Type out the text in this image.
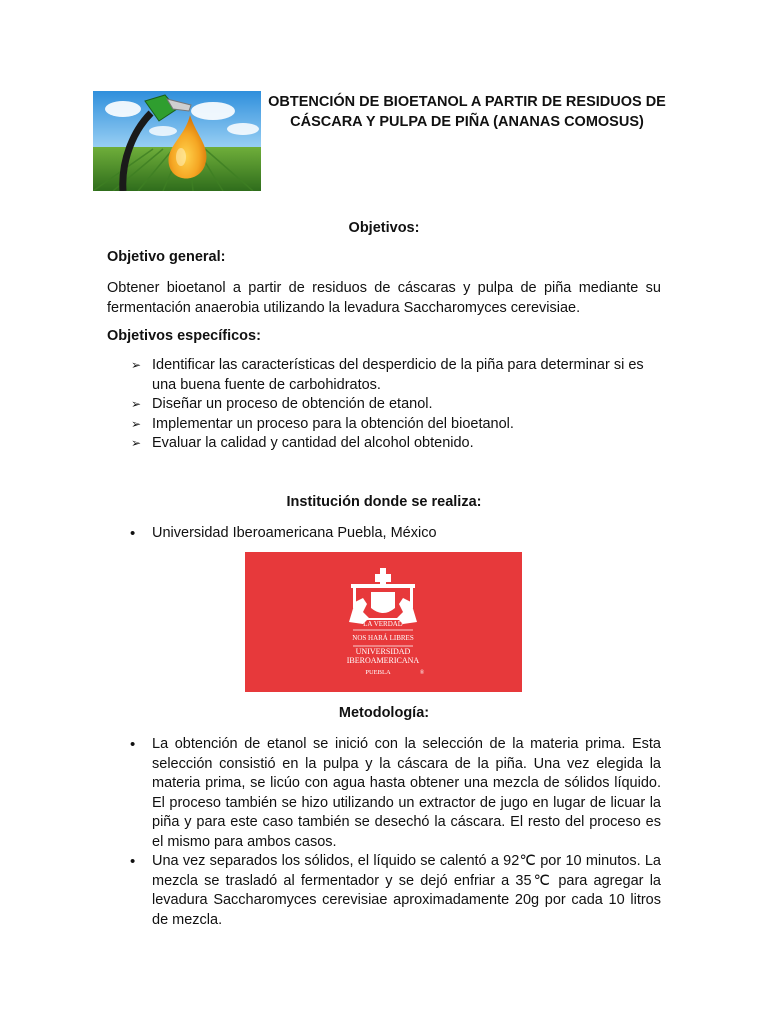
OBTENCIÓN DE BIOETANOL A PARTIR DE RESIDUOS DE CÁSCARA Y PULPA DE PIÑA (ANANAS COMOSUS)
Objetivos:
Objetivo general:
Obtener bioetanol a partir de residuos de cáscaras y pulpa de piña mediante su fermentación anaerobia utilizando la levadura Saccharomyces cerevisiae.
Objetivos específicos:
➢ Identificar las características del desperdicio de la piña para determinar si es una buena fuente de carbohidratos.
➢ Diseñar un proceso de obtención de etanol.
➢ Implementar un proceso para la obtención del bioetanol.
➢ Evaluar la calidad y cantidad del alcohol obtenido.
Institución donde se realiza:
• Universidad Iberoamericana Puebla, México
LA VERDAD
NOS HARÁ LIBRES
UNIVERSIDAD
IBEROAMERICANA
PUEBLA	®
Metodología:
• La obtención de etanol se inició con la selección de la materia prima. Esta selección consistió en la pulpa y la cáscara de la piña. Una vez elegida la materia prima, se licúo con agua hasta obtener una mezcla de sólidos líquido. El proceso también se hizo utilizando un extractor de jugo en lugar de licuar la piña y para este caso también se desechó la cáscara. El resto del proceso es el mismo para ambos casos.
• Una vez separados los sólidos, el líquido se calentó a 92℃ por 10 minutos. La mezcla se trasladó al fermentador y se dejó enfriar a 35℃ para agregar la levadura Saccharomyces cerevisiae aproximadamente 20g por cada 10 litros de mezcla.
